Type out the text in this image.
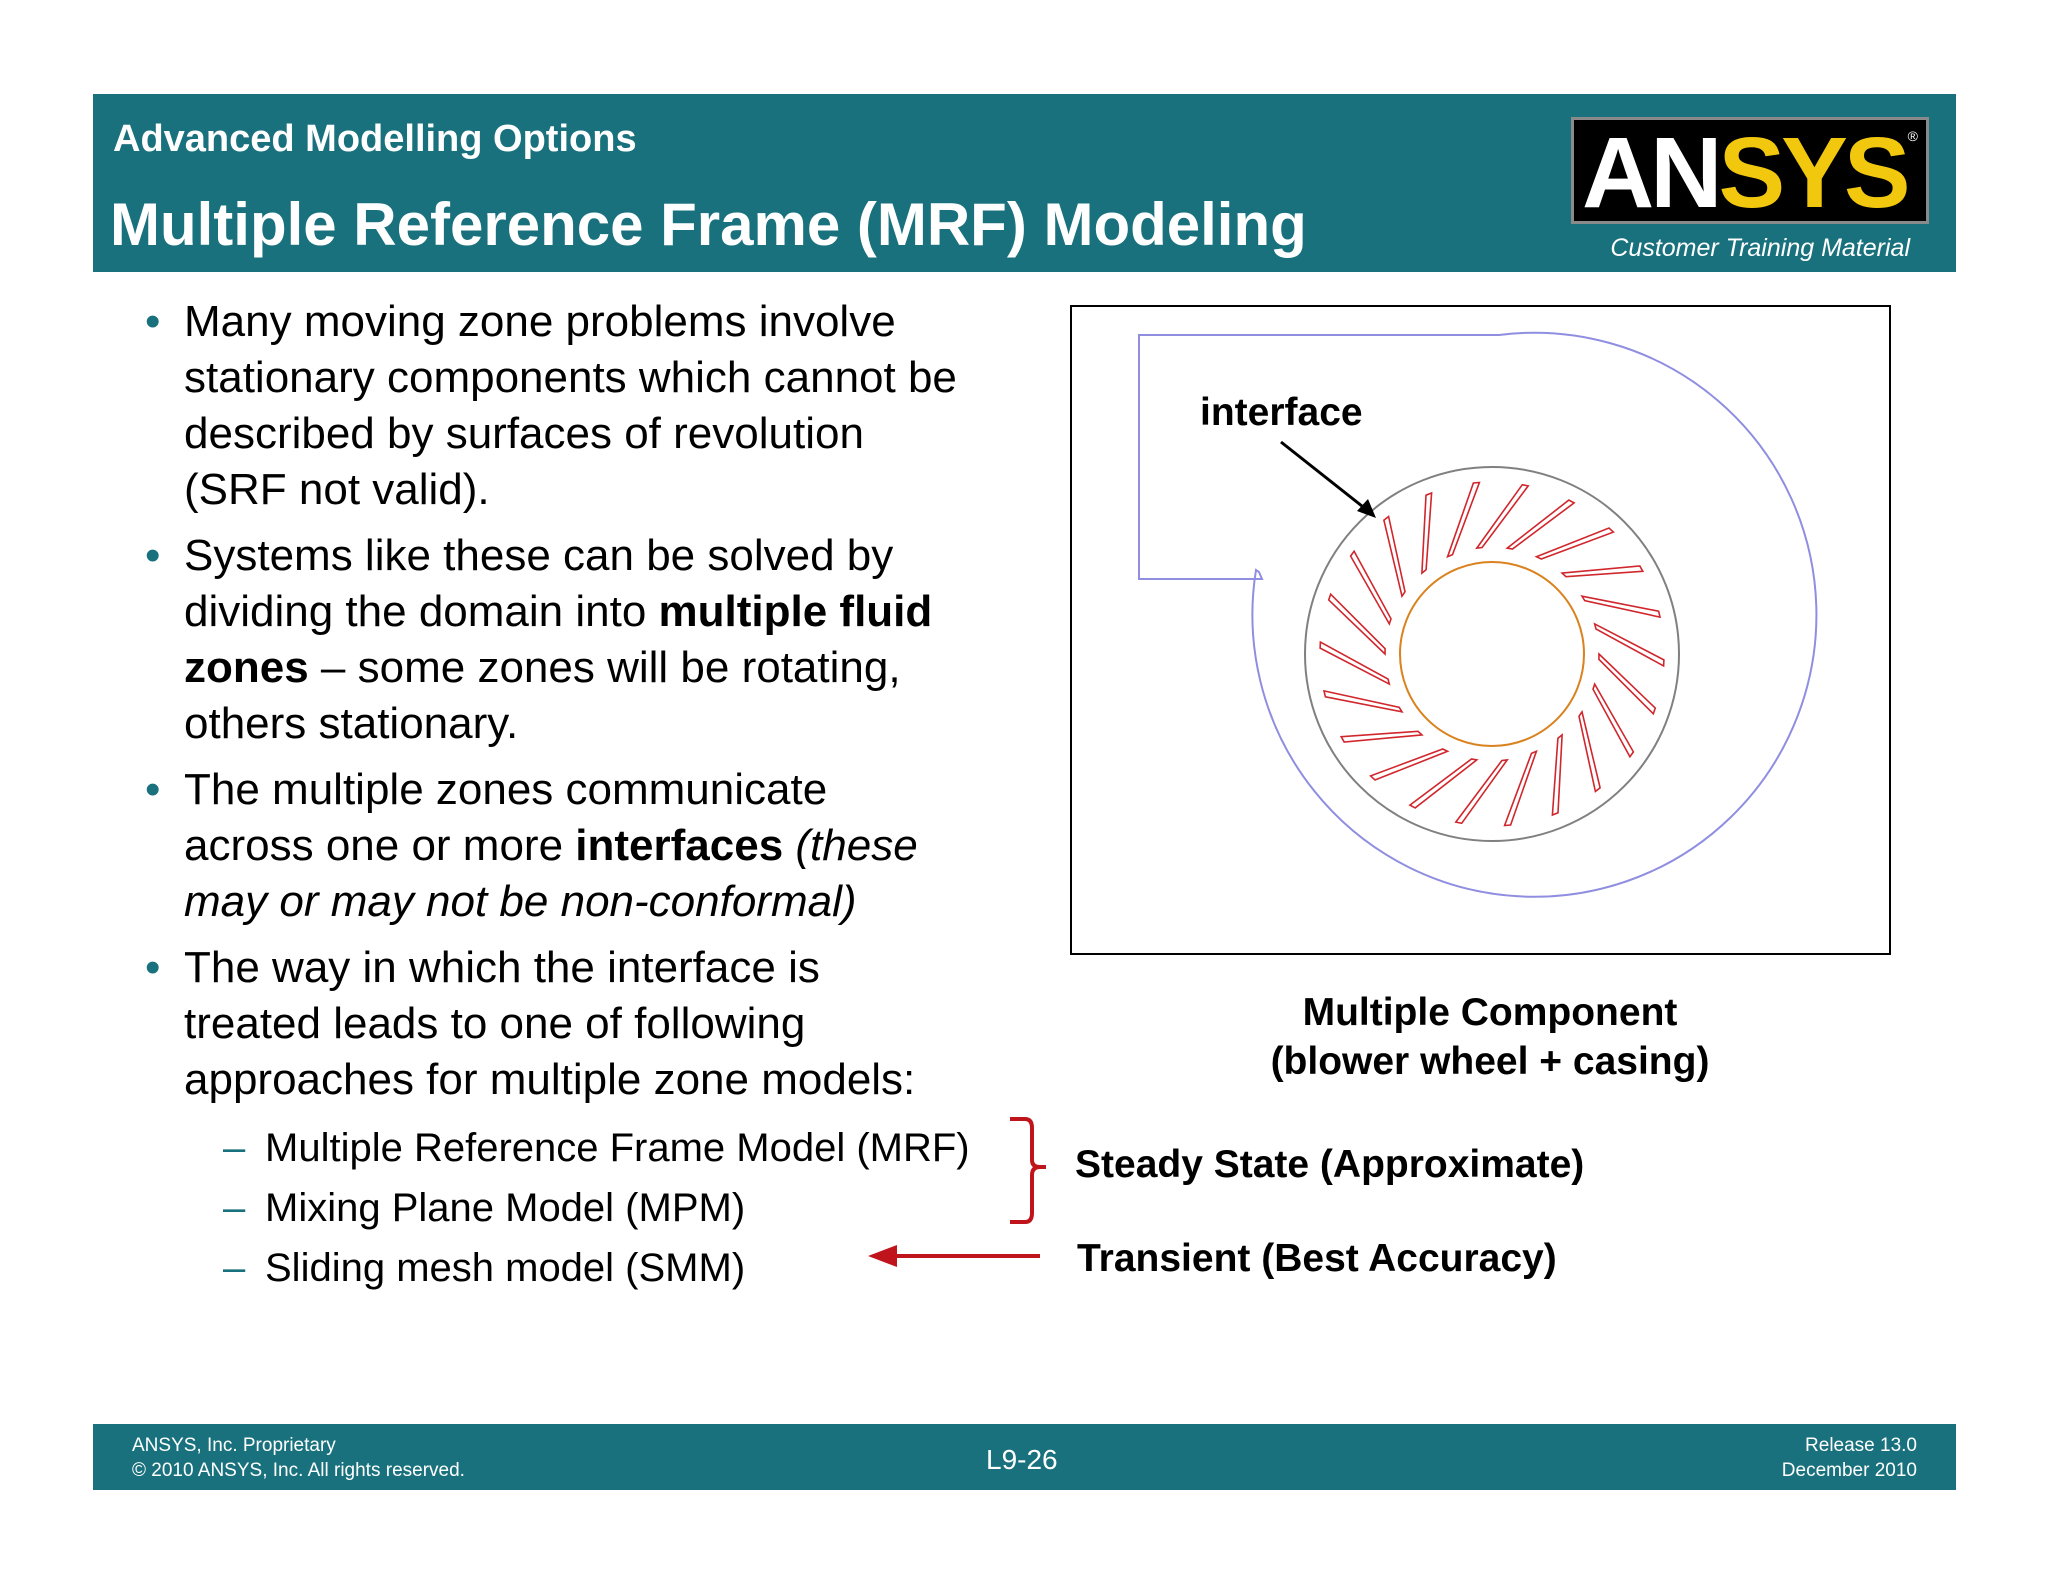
Advanced Modelling Options
Multiple Reference Frame (MRF) Modeling	ANSYS ®
Customer Training Material
• Many moving zone problems involve
stationary components which cannot be
described by surfaces of revolution
(SRF not valid).
• Systems like these can be solved by
dividing the domain into multiple fluid
zones – some zones will be rotating,
others stationary.
• The multiple zones communicate
across one or more interfaces (these
may or may not be non-conformal)
• The way in which the interface is
treated leads to one of following
approaches for multiple zone models:
– Multiple Reference Frame Model (MRF)
– Mixing Plane Model (MPM)
– Sliding mesh model (SMM)
interface
Multiple Component
(blower wheel + casing)
Steady State (Approximate)
Transient (Best Accuracy)
ANSYS, Inc. Proprietary
© 2010 ANSYS, Inc. All rights reserved.	L9-26	Release 13.0
December 2010
